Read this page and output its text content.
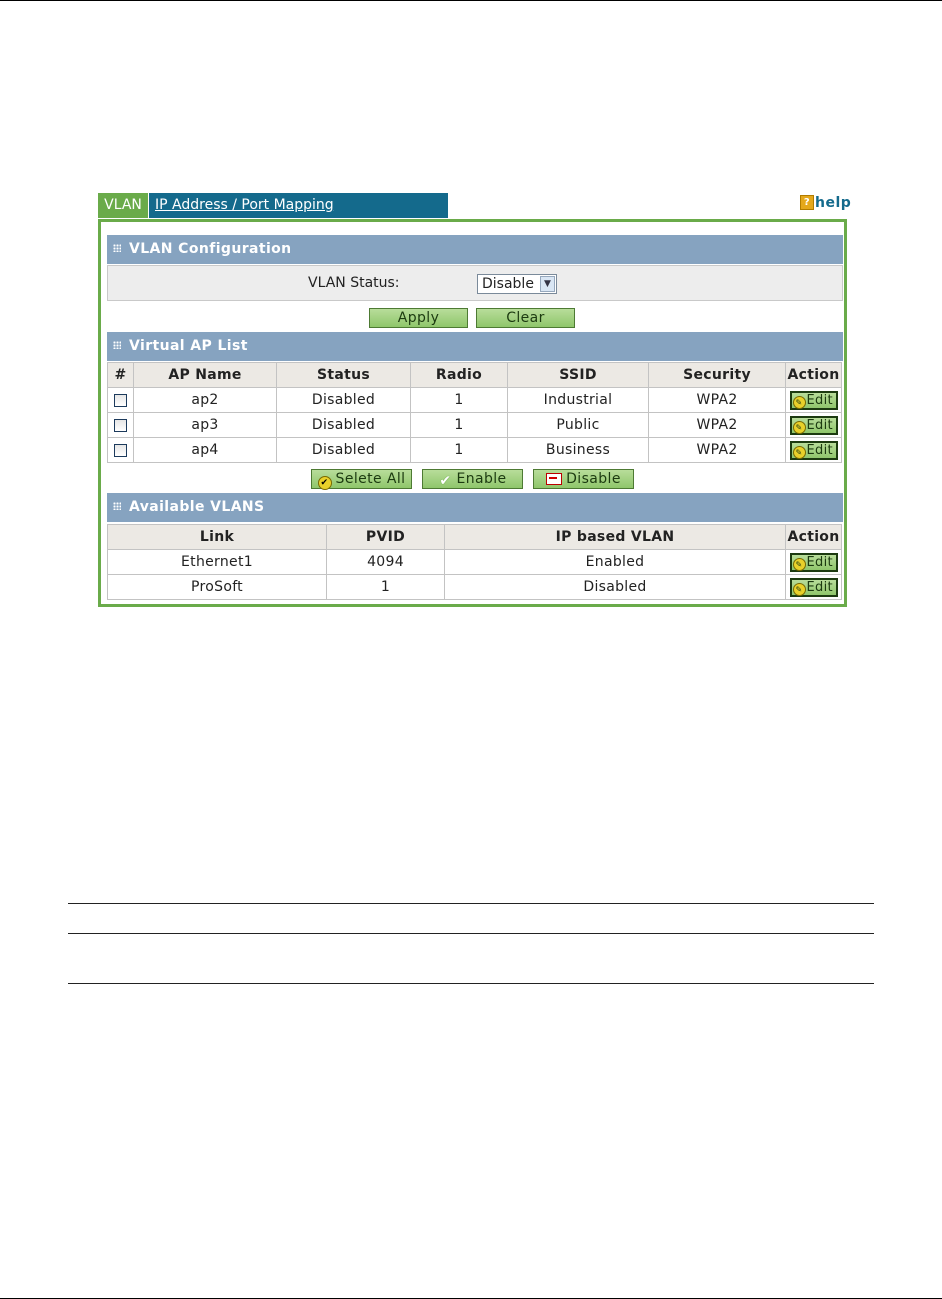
VLAN IP Address / Port Mapping	? help
VLAN Configuration
VLAN Status:	Disable	▼
Apply	Clear
Virtual AP List
#	AP Name	Status	Radio	SSID	Security	Action
	ap2	Disabled	1	Industrial	WPA2	✎ Edit
	ap3	Disabled	1	Public	WPA2	✎ Edit
	ap4	Disabled	1	Business	WPA2	✎ Edit
✔ Selete All	✔ Enable	Disable
Available VLANS
Link	PVID	IP based VLAN	Action
Ethernet1	4094	Enabled	✎ Edit
ProSoft	1	Disabled	✎ Edit
